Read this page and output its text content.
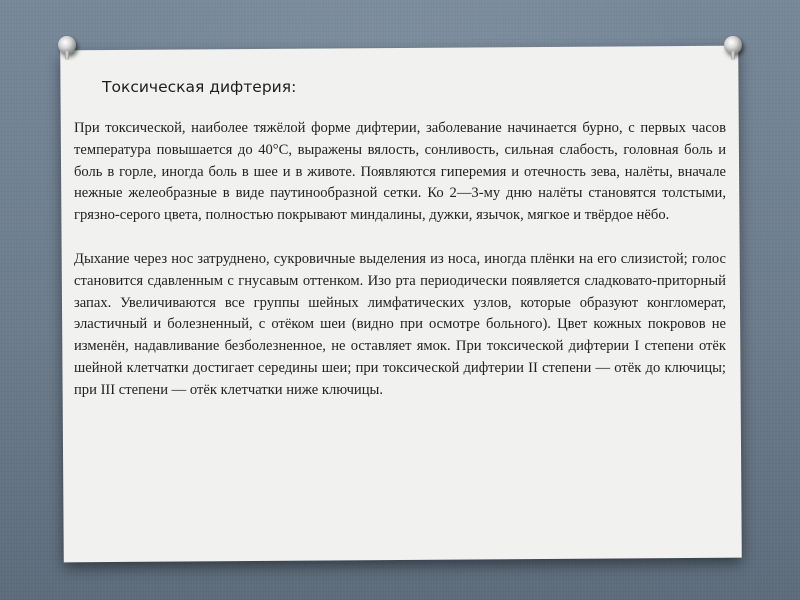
Токсическая дифтерия:

При токсической, наиболее тяжёлой форме дифтерии, заболевание начинается бурно, с первых часов температура повышается до 40°С, выражены вялость, сонливость, сильная слабость, головная боль и боль в горле, иногда боль в шее и в животе. Появляются гиперемия и отечность зева, налёты, вначале нежные желеобразные в виде паутинообразной сетки. Ко 2—3-му дню налёты становятся толстыми, грязно-серого цвета, полностью покрывают миндалины, дужки, язычок, мягкое и твёрдое нёбо.

Дыхание через нос затруднено, сукровичные выделения из носа, иногда плёнки на его слизистой; голос становится сдавленным с гнусавым оттенком. Изо рта периодически появляется сладковато-приторный запах. Увеличиваются все группы шейных лимфатических узлов, которые образуют конгломерат, эластичный и болезненный, с отёком шеи (видно при осмотре больного). Цвет кожных покровов не изменён, надавливание безболезненное, не оставляет ямок. При токсической дифтерии I степени отёк шейной клетчатки достигает середины шеи; при токсической дифтерии II степени — отёк до ключицы; при III степени — отёк клетчатки ниже ключицы.
